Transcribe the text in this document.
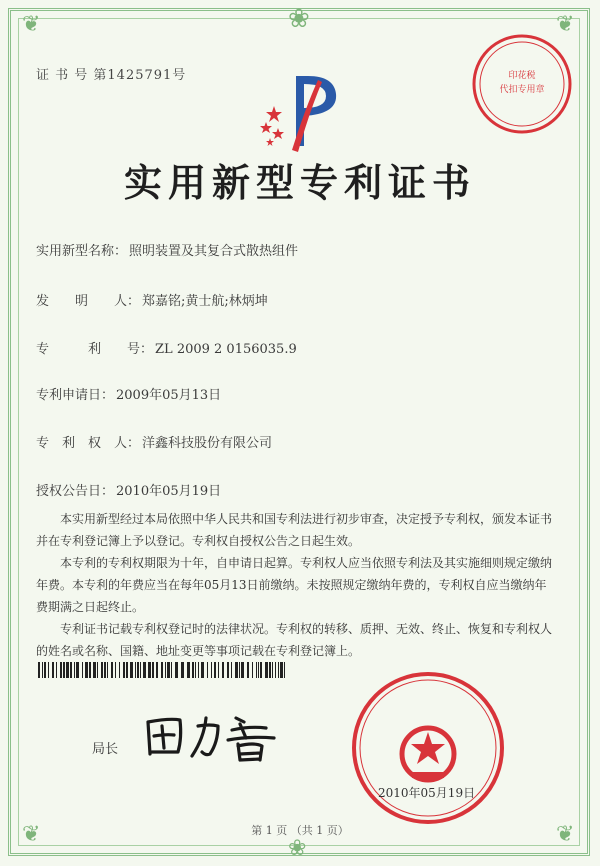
❦	❦
❦	❦
❀
❀
证 书 号 第1425791号	印花税
代扣专用章
实用新型专利证书
实用新型名称： 照明装置及其复合式散热组件
发　　明　　人： 郑嘉铭;黄士航;林炳坤
专　　　利　　号： ZL 2009 2 0156035.9
专利申请日： 2009年05月13日
专　利　权　人： 洋鑫科技股份有限公司
授权公告日： 2010年05月19日

本实用新型经过本局依照中华人民共和国专利法进行初步审查，决定授予专利权，颁发本证书并在专利登记簿上予以登记。专利权自授权公告之日起生效。

本专利的专利权期限为十年，自申请日起算。专利权人应当依照专利法及其实施细则规定缴纳年费。本专利的年费应当在每年05月13日前缴纳。未按照规定缴纳年费的，专利权自应当缴纳年费期满之日起终止。

专利证书记载专利权登记时的法律状况。专利权的转移、质押、无效、终止、恢复和专利权人的姓名或名称、国籍、地址变更等事项记载在专利登记簿上。

局长
2010年05月19日
第 1 页 （共 1 页）
